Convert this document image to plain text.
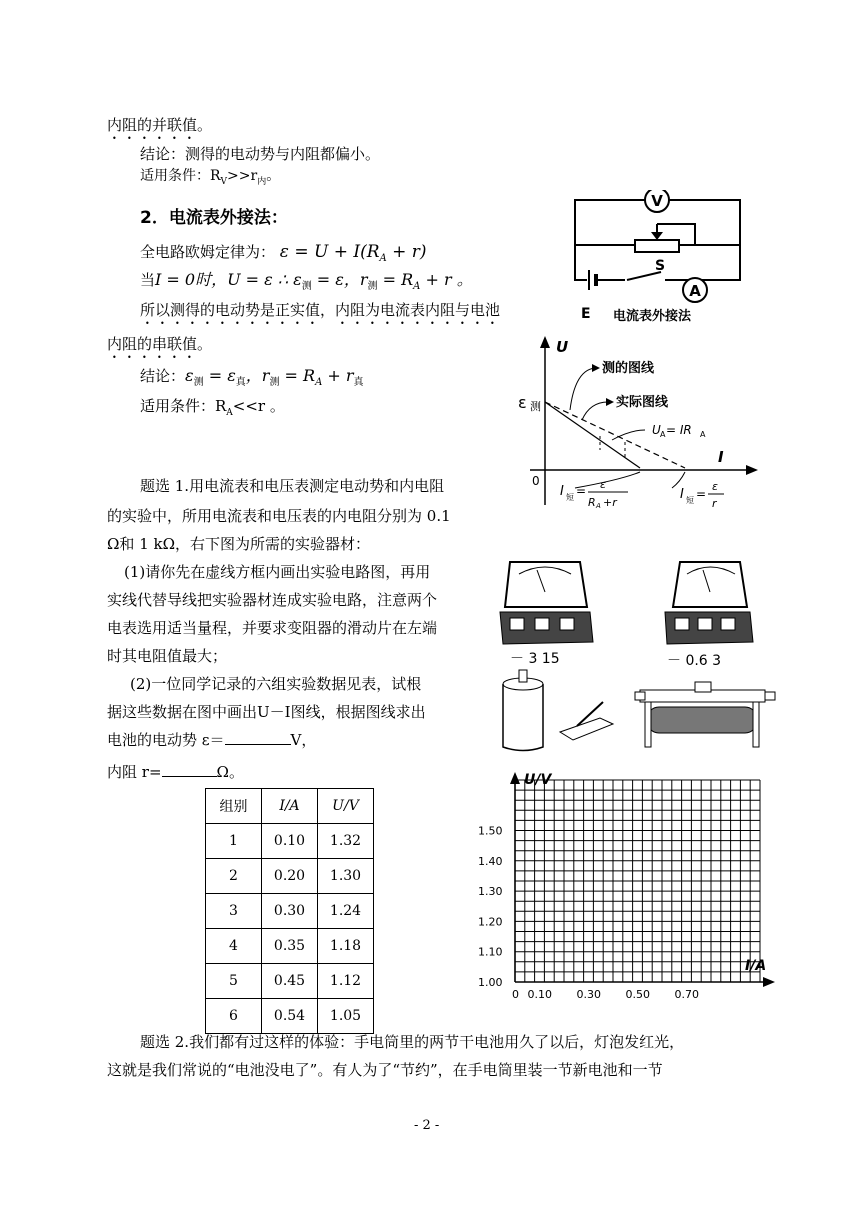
内阻的并联值。
结论：测得的电动势与内阻都偏小。
适用条件：$R_V>>r_内$。
2．电流表外接法：
全电路欧姆定律为： $\varepsilon = U + I(R_A + r)$
当I = 0时，U = ε ∴ $\varepsilon_测 = \varepsilon$，$r_测 = R_A + r$ 。
所以测得的电动势是正实值，内阻为电流表内阻与电池
内阻的串联值。
结论：$\varepsilon_测 = \varepsilon_真$，$r_测 = R_A + r_真$
适用条件：$R_A<<r$ 。
V
A
S
E 电流表外接法
U
I
0
ε 测
测的图线
实际图线
U A = IR A
I 短 = ε
R A +r
I 短 =
ε
r
题选 1.用电流表和电压表测定电动势和内电阻
的实验中，所用电流表和电压表的内电阻分别为 0.1
Ω和 1 kΩ，右下图为所需的实验器材：
(1)请你先在虚线方框内画出实验电路图，再用
实线代替导线把实验器材连成实验电路，注意两个
电表选用适当量程，并要求变阻器的滑动片在左端
时其电阻值最大；
(2)一位同学记录的六组实验数据见表，试根
据这些数据在图中画出U－I图线，根据图线求出
电池的电动势 ε＝	V，
内阻 r=	Ω。
－ 3 15	－ 0.6 3
组别	I/A	U/V
1	0.10	1.32
2	0.20	1.30
3	0.30	1.24
4	0.35	1.18
5	0.45	1.12
6	0.54	1.05
U/V
I/A
1.00
1.10
1.20
1.30
1.40
1.50
0 0.10 0.30 0.50 0.70
题选 2.我们都有过这样的体验：手电筒里的两节干电池用久了以后，灯泡发红光，
这就是我们常说的“电池没电了”。有人为了“节约”，在手电筒里装一节新电池和一节
- 2 -
